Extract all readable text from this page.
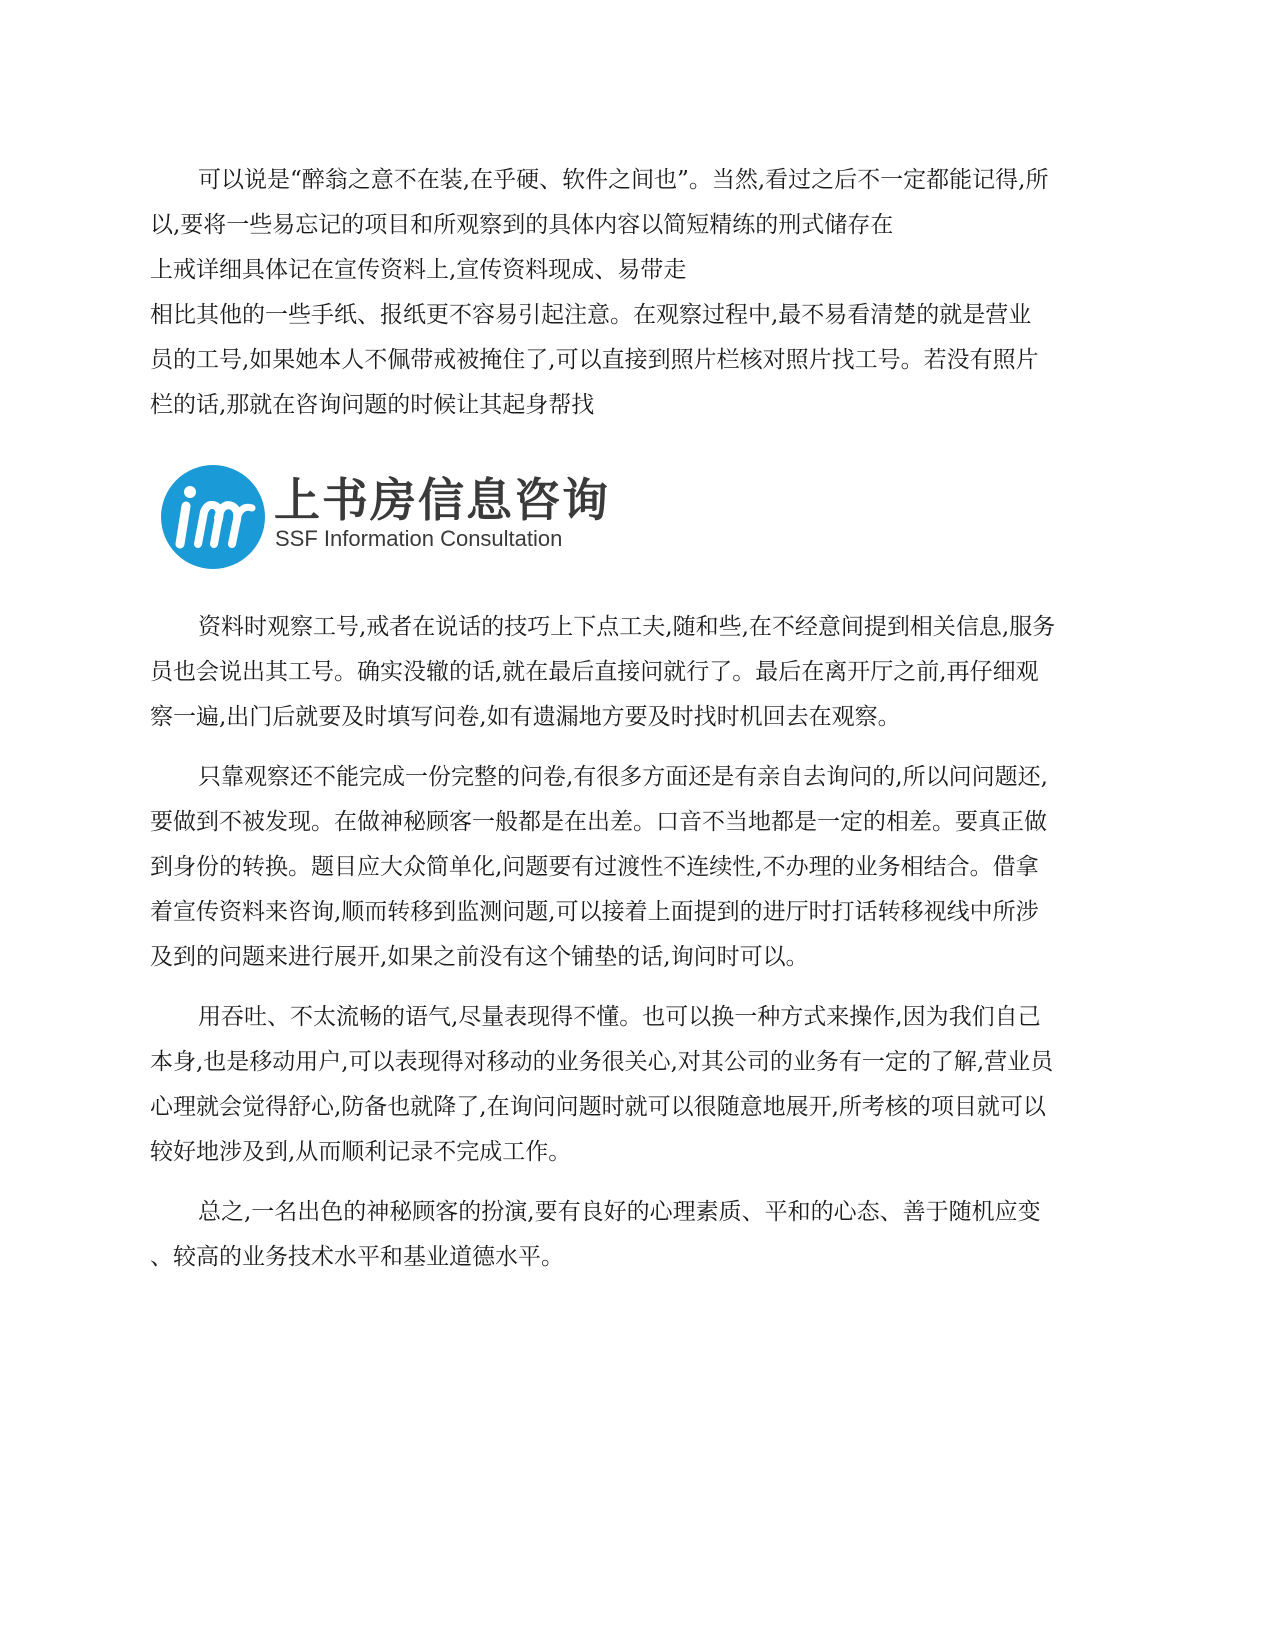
可以说是“醉翁之意不在装,在乎硬、软件之间也”。当然,看过之后不一定都能记得,所
以,要将一些易忘记的项目和所观察到的具体内容以简短精练的刑式储存在
上戒详细具体记在宣传资料上,宣传资料现成、易带走
相比其他的一些手纸、报纸更不容易引起注意。在观察过程中,最不易看清楚的就是营业
员的工号,如果她本人不佩带戒被掩住了,可以直接到照片栏核对照片找工号。若没有照片
栏的话,那就在咨询问题的时候让其起身帮找
上书房信息咨询
SSF Information Consultation
资料时观察工号,戒者在说话的技巧上下点工夫,随和些,在不经意间提到相关信息,服务
员也会说出其工号。确实没辙的话,就在最后直接问就行了。最后在离开厅之前,再仔细观
察一遍,出门后就要及时填写问卷,如有遗漏地方要及时找时机回去在观察。
只靠观察还不能完成一份完整的问卷,有很多方面还是有亲自去询问的,所以问问题还,
要做到不被发现。在做神秘顾客一般都是在出差。口音不当地都是一定的相差。要真正做
到身份的转换。题目应大众简单化,问题要有过渡性不连续性,不办理的业务相结合。借拿
着宣传资料来咨询,顺而转移到监测问题,可以接着上面提到的进厅时打话转移视线中所涉
及到的问题来进行展开,如果之前没有这个铺垫的话,询问时可以。
用吞吐、不太流畅的语气,尽量表现得不懂。也可以换一种方式来操作,因为我们自己
本身,也是移动用户,可以表现得对移动的业务很关心,对其公司的业务有一定的了解,营业员
心理就会觉得舒心,防备也就降了,在询问问题时就可以很随意地展开,所考核的项目就可以
较好地涉及到,从而顺利记录不完成工作。
总之,一名出色的神秘顾客的扮演,要有良好的心理素质、平和的心态、善于随机应变
、较高的业务技术水平和基业道德水平。
